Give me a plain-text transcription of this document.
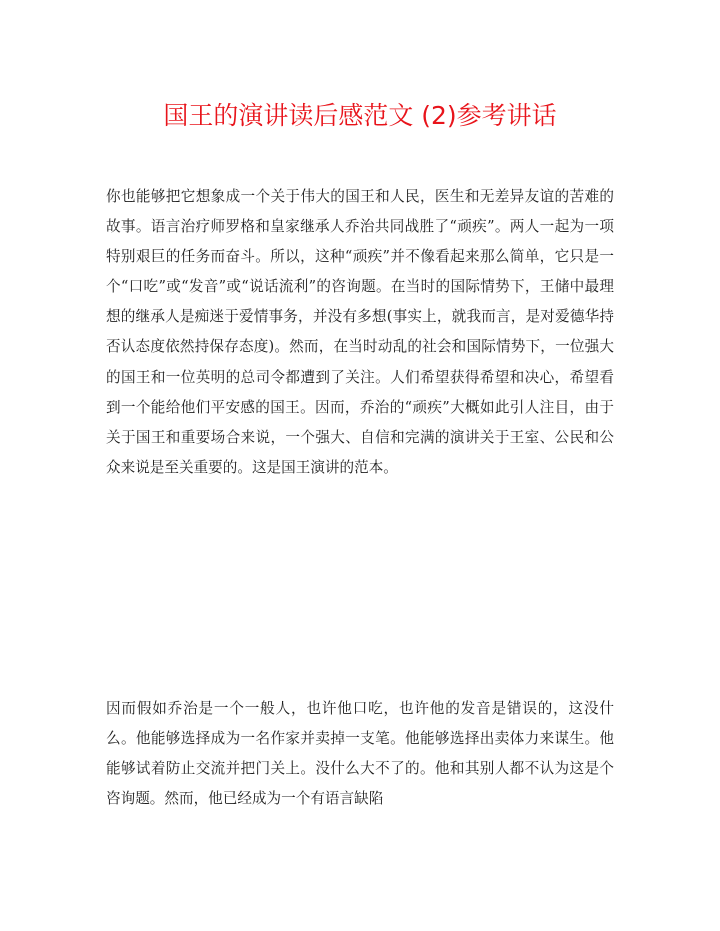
国王的演讲读后感范文 (2)参考讲话

你也能够把它想象成一个关于伟大的国王和人民，医生和无差异友谊的苦难的故事。语言治疗师罗格和皇家继承人乔治共同战胜了“顽疾”。两人一起为一项特别艰巨的任务而奋斗。所以，这种“顽疾”并不像看起来那么简单，它只是一个“口吃”或“发音”或“说话流利”的咨询题。在当时的国际情势下，王储中最理想的继承人是痴迷于爱情事务，并没有多想(事实上，就我而言，是对爱德华持否认态度依然持保存态度)。然而，在当时动乱的社会和国际情势下，一位强大的国王和一位英明的总司令都遭到了关注。人们希望获得希望和决心，希望看到一个能给他们平安感的国王。因而，乔治的“顽疾”大概如此引人注目，由于关于国王和重要场合来说，一个强大、自信和完满的演讲关于王室、公民和公众来说是至关重要的。这是国王演讲的范本。

因而假如乔治是一个一般人，也许他口吃，也许他的发音是错误的，这没什么。他能够选择成为一名作家并卖掉一支笔。他能够选择出卖体力来谋生。他能够试着防止交流并把门关上。没什么大不了的。他和其别人都不认为这是个咨询题。然而，他已经成为一个有语言缺陷
